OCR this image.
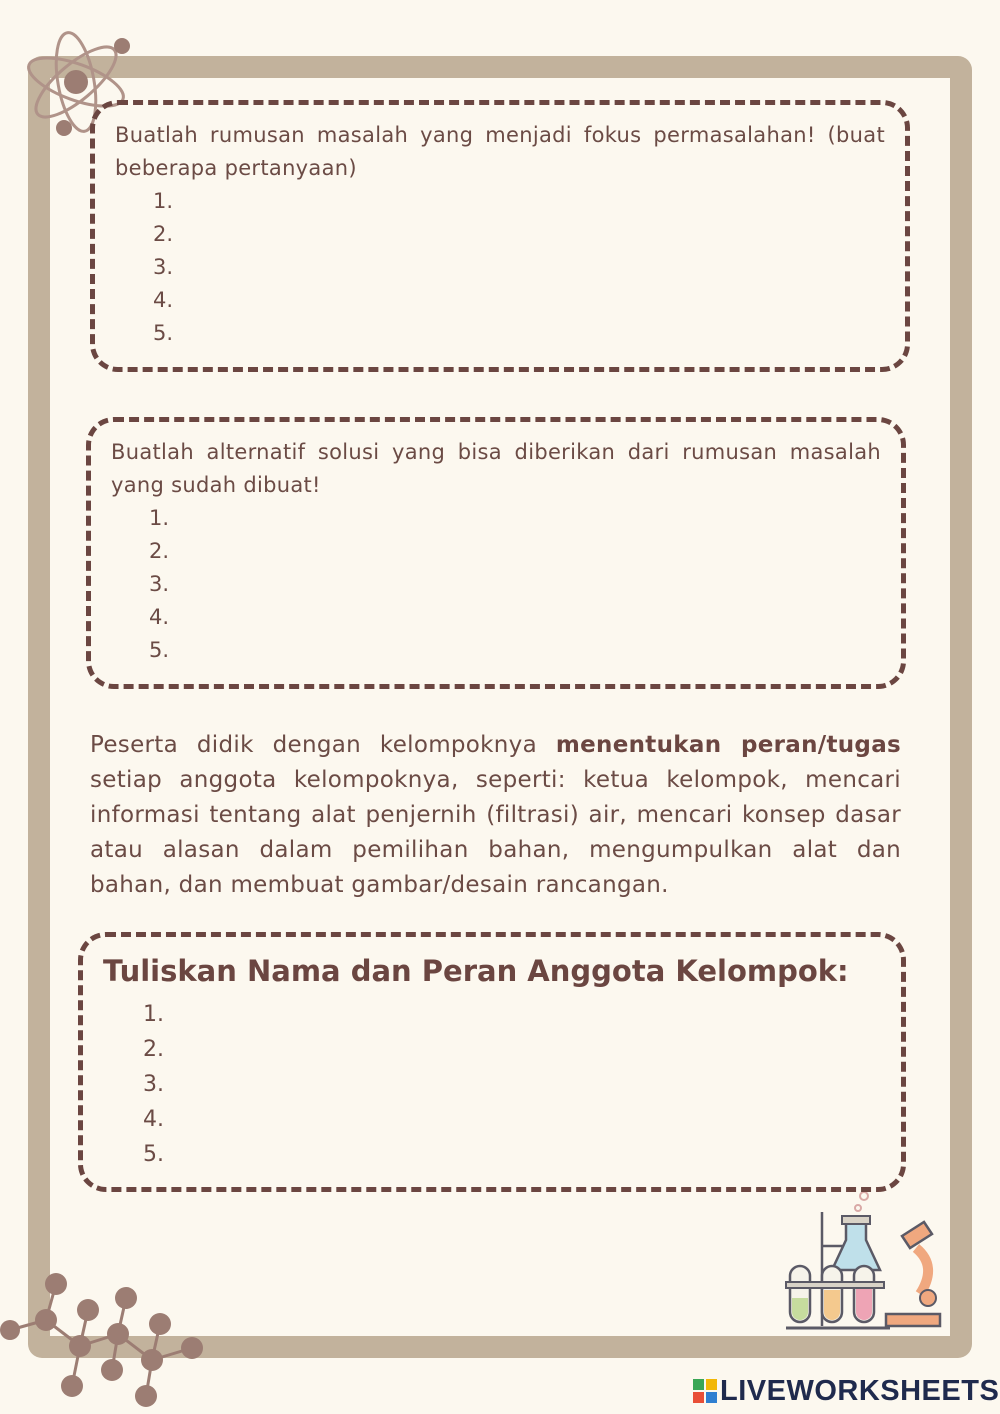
Buatlah rumusan masalah yang menjadi fokus permasalahan! (buat beberapa pertanyaan)

1.
2.
3.
4.
5.

Buatlah alternatif solusi yang bisa diberikan dari rumusan masalah yang sudah dibuat!

1.
2.
3.
4.
5.

Peserta didik dengan kelompoknya menentukan peran/tugas setiap anggota kelompoknya, seperti: ketua kelompok, mencari informasi tentang alat penjernih (filtrasi) air, mencari konsep dasar atau alasan dalam pemilihan bahan, mengumpulkan alat dan bahan, dan membuat gambar/desain rancangan.

Tuliskan Nama dan Peran Anggota Kelompok:
1.
2.
3.
4.
5.
LIVEWORKSHEETS
